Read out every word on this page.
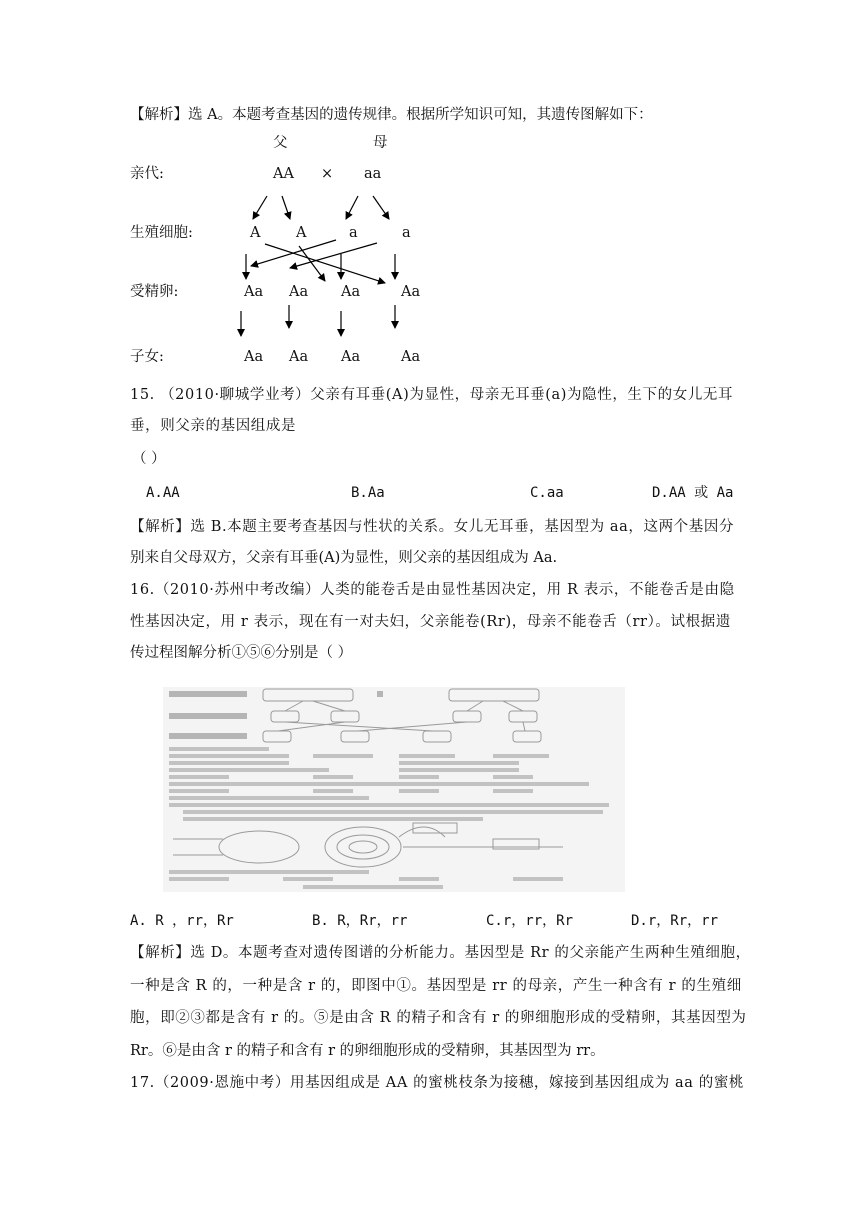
【解析】选 A。本题考查基因的遗传规律。根据所学知识可知，其遗传图解如下：
父	母
亲代:	AA × aa
生殖细胞:	A A	a	a
受精卵:	Aa Aa Aa	Aa
子女:	Aa Aa Aa	Aa
15. （2010·聊城学业考）父亲有耳垂(A)为显性，母亲无耳垂(a)为隐性，生下的女儿无耳
垂，则父亲的基因组成是
（ ）
A.AA	B.Aa	C.aa	D.AA 或 Aa
【解析】选 B.本题主要考查基因与性状的关系。女儿无耳垂，基因型为 aa，这两个基因分
别来自父母双方，父亲有耳垂(A)为显性，则父亲的基因组成为 Aa.
16.（2010·苏州中考改编）人类的能卷舌是由显性基因决定，用 R 表示，不能卷舌是由隐
性基因决定，用 r 表示，现在有一对夫妇，父亲能卷(Rr)，母亲不能卷舌（rr）。试根据遗
传过程图解分析①⑤⑥分别是（ ）
A. R ，rr，Rr	B. R，Rr，rr	C.r，rr，Rr	D.r，Rr，rr
【解析】选 D。本题考查对遗传图谱的分析能力。基因型是 Rr 的父亲能产生两种生殖细胞，
一种是含 R 的，一种是含 r 的，即图中①。基因型是 rr 的母亲，产生一种含有 r 的生殖细
胞，即②③都是含有 r 的。⑤是由含 R 的精子和含有 r 的卵细胞形成的受精卵，其基因型为
Rr。⑥是由含 r 的精子和含有 r 的卵细胞形成的受精卵，其基因型为 rr。
17.（2009·恩施中考）用基因组成是 AA 的蜜桃枝条为接穗，嫁接到基因组成为 aa 的蜜桃
